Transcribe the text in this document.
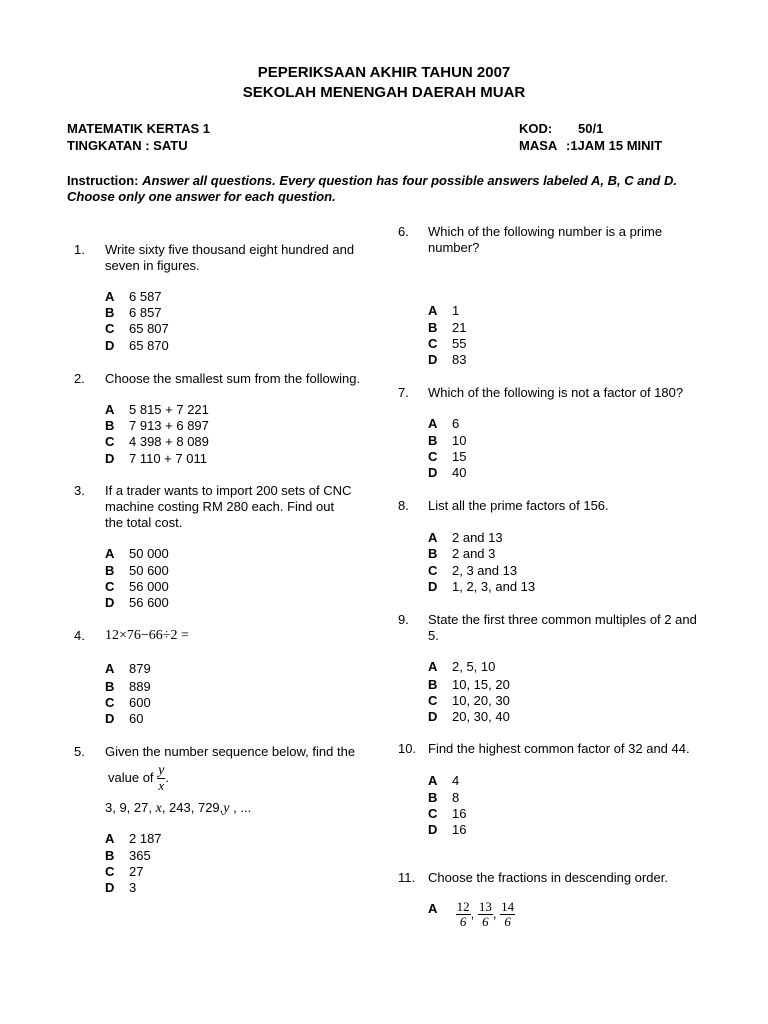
PEPERIKSAAN AKHIR TAHUN 2007
SEKOLAH MENENGAH DAERAH MUAR
MATEMATIK KERTAS 1
TINGKATAN : SATU
KOD: 50/1
MASA :1JAM 15 MINIT
Instruction: Answer all questions. Every question has four possible answers labeled A, B, C and D. Choose only one answer for each question.
1. Write sixty five thousand eight hundred and seven in figures.
A 6 587
B 6 857
C 65 807
D 65 870
2. Choose the smallest sum from the following.
A 5 815 + 7 221
B 7 913 + 6 897
C 4 398 + 8 089
D 7 110 + 7 011
3. If a trader wants to import 200 sets of CNC machine costing RM 280 each. Find out the total cost.
A 50 000
B 50 600
C 56 000
D 56 600
4. 12×76−66÷2 =
A 879
B 889
C 600
D 60
5. Given the number sequence below, find the
value of $\frac{y}{x}$ .
3, 9, 27, x, 243, 729,y , ...
A 2 187
B 365
C 27
D 3
6. Which of the following number is a prime number?
A 1
B 21
C 55
D 83
7. Which of the following is not a factor of 180?
A 6
B 10
C 15
D 40
8. List all the prime factors of 156.
A 2 and 13
B 2 and 3
C 2, 3 and 13
D 1, 2, 3, and 13
9. State the first three common multiples of 2 and 5.
A 2, 5, 10
B 10, 15, 20
C 10, 20, 30
D 20, 30, 40
10. Find the highest common factor of 32 and 44.
A 4
B 8
C 16
D 16
11. Choose the fractions in descending order.
A $\frac{12}{6}$ , $\frac{13}{6}$ , $\frac{14}{6}$
